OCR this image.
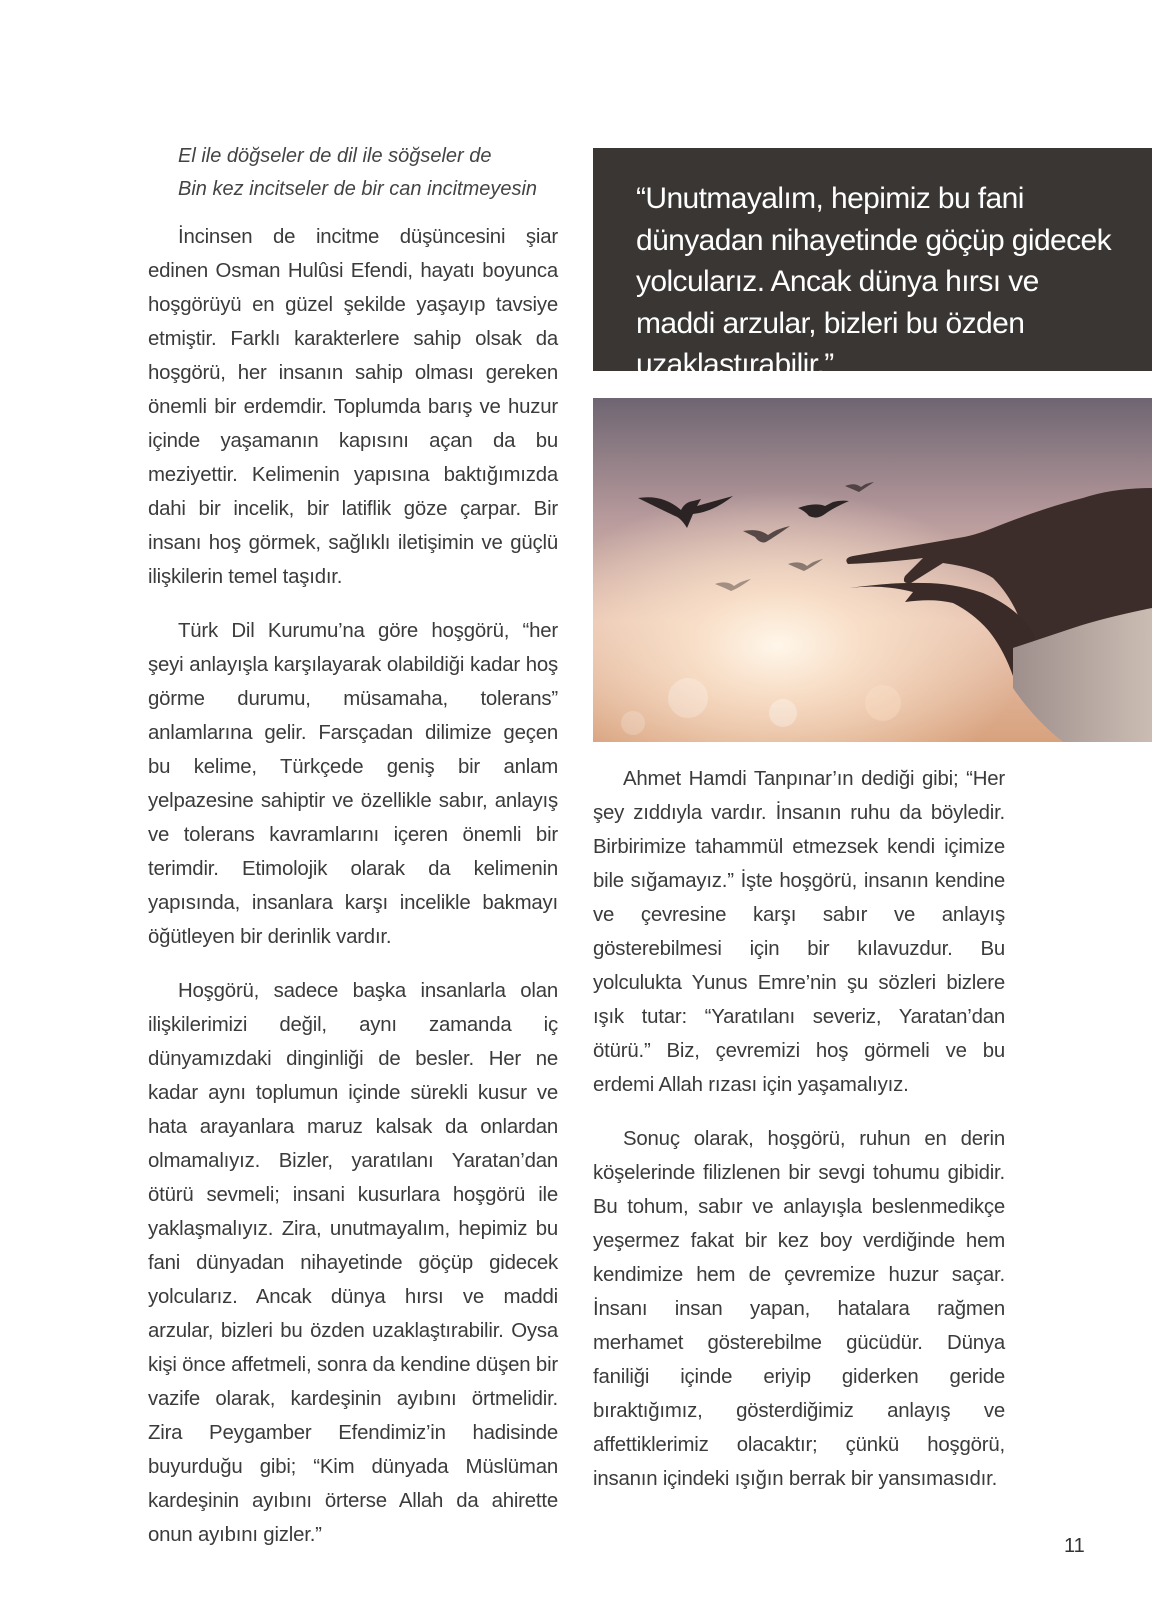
El ile döğseler de dil ile söğseler de
Bin kez incitseler de bir can incitmeyesin

İncinsen de incitme düşüncesini şiar edinen Osman Hulûsi Efendi, hayatı boyunca hoşgörüyü en güzel şekilde yaşayıp tavsiye etmiştir. Farklı karakterlere sahip olsak da hoşgörü, her insanın sahip olması gereken önemli bir erdemdir. Toplumda barış ve huzur içinde yaşamanın kapısını açan da bu meziyettir. Kelimenin yapısına baktığımızda dahi bir incelik, bir latiflik göze çarpar. Bir insanı hoş görmek, sağlıklı iletişimin ve güçlü ilişkilerin temel taşıdır.

Türk Dil Kurumu’na göre hoşgörü, “her şeyi anlayışla karşılayarak olabildiği kadar hoş görme durumu, müsamaha, tolerans” anlamlarına gelir. Farsçadan dilimize geçen bu kelime, Türkçede geniş bir anlam yelpazesine sahiptir ve özellikle sabır, anlayış ve tolerans kavramlarını içeren önemli bir terimdir. Etimolojik olarak da kelimenin yapısında, insanlara karşı incelikle bakmayı öğütleyen bir derinlik vardır.

Hoşgörü, sadece başka insanlarla olan ilişkilerimizi değil, aynı zamanda iç dünyamızdaki dinginliği de besler. Her ne kadar aynı toplumun içinde sürekli kusur ve hata arayanlara maruz kalsak da onlardan olmamalıyız. Bizler, yaratılanı Yaratan’dan ötürü sevmeli; insani kusurlara hoşgörü ile yaklaşmalıyız. Zira, unutmayalım, hepimiz bu fani dünyadan nihayetinde göçüp gidecek yolcularız. Ancak dünya hırsı ve maddi arzular, bizleri bu özden uzaklaştırabilir. Oysa kişi önce affetmeli, sonra da kendine düşen bir vazife olarak, kardeşinin ayıbını örtmelidir. Zira Peygamber Efendimiz’in hadisinde buyurduğu gibi; “Kim dünyada Müslüman kardeşinin ayıbını örterse Allah da ahirette onun ayıbını gizler.”

“Unutmayalım, hepimiz bu fani dünyadan nihayetinde göçüp gidecek yolcularız. Ancak dünya hırsı ve maddi arzular, bizleri bu özden uzaklaştırabilir.”

Ahmet Hamdi Tanpınar’ın dediği gibi; “Her şey zıddıyla vardır. İnsanın ruhu da böyledir. Birbirimize tahammül etmezsek kendi içimize bile sığamayız.” İşte hoşgörü, insanın kendine ve çevresine karşı sabır ve anlayış gösterebilmesi için bir kılavuzdur. Bu yolculukta Yunus Emre’nin şu sözleri bizlere ışık tutar: “Yaratılanı severiz, Yaratan’dan ötürü.” Biz, çevremizi hoş görmeli ve bu erdemi Allah rızası için yaşamalıyız.

Sonuç olarak, hoşgörü, ruhun en derin köşelerinde filizlenen bir sevgi tohumu gibidir. Bu tohum, sabır ve anlayışla beslenmedikçe yeşermez fakat bir kez boy verdiğinde hem kendimize hem de çevremize huzur saçar. İnsanı insan yapan, hatalara rağmen merhamet gösterebilme gücüdür. Dünya faniliği içinde eriyip giderken geride bıraktığımız, gösterdiğimiz anlayış ve affettiklerimiz olacaktır; çünkü hoşgörü, insanın içindeki ışığın berrak bir yansımasıdır.

11
